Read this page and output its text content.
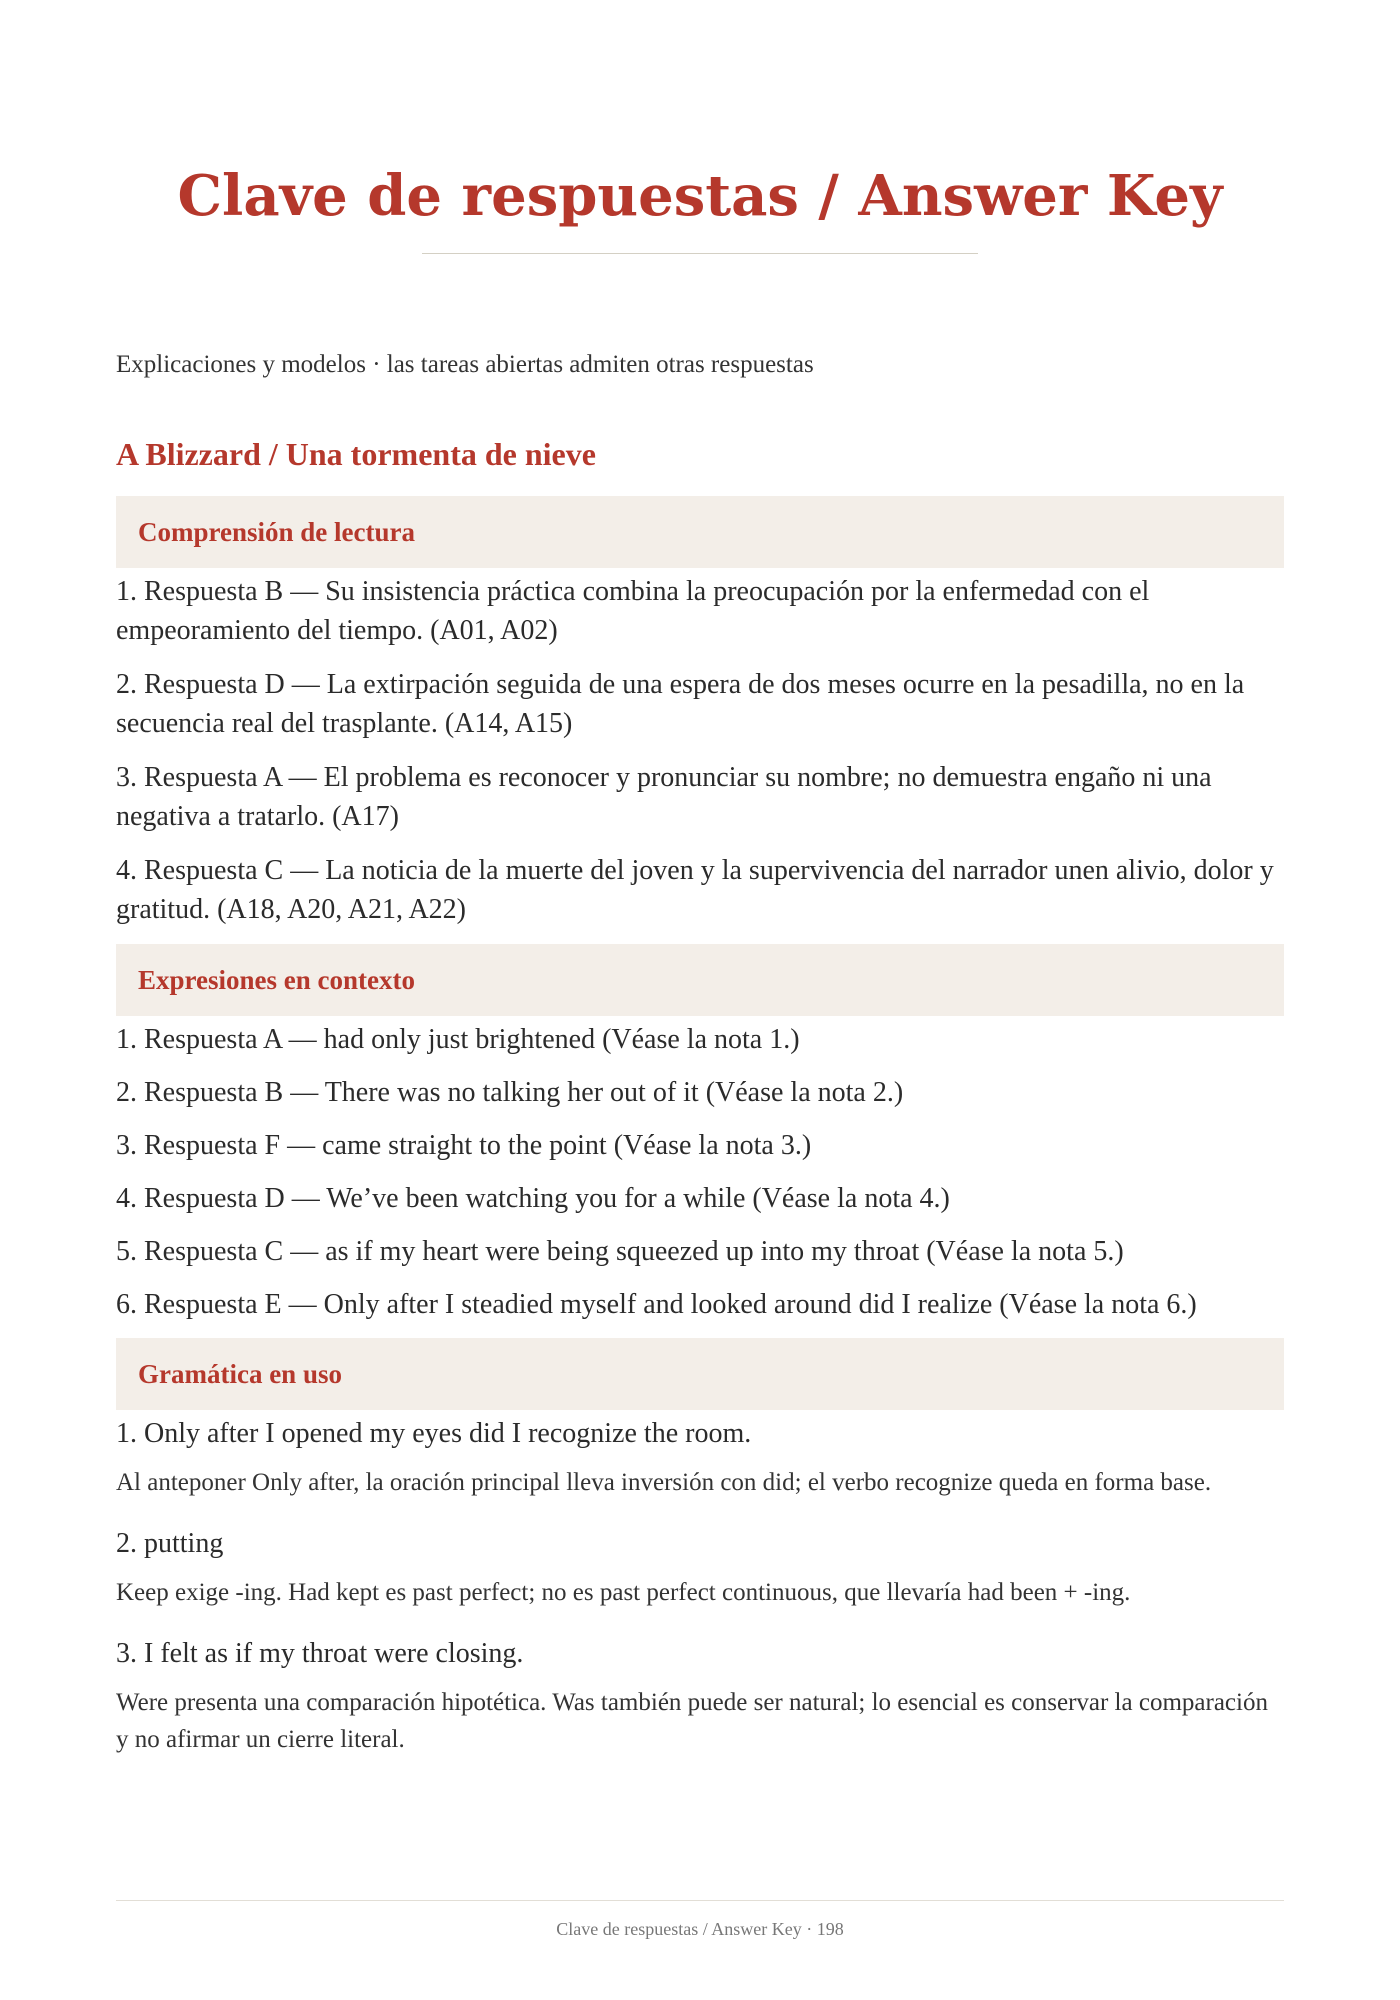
Clave de respuestas / Answer Key

Explicaciones y modelos · las tareas abiertas admiten otras respuestas

A Blizzard / Una tormenta de nieve
Comprensión de lectura

1. Respuesta B — Su insistencia práctica combina la preocupación por la enfermedad con el empeoramiento del tiempo. (A01, A02)

2. Respuesta D — La extirpación seguida de una espera de dos meses ocurre en la pesadilla, no en la secuencia real del trasplante. (A14, A15)

3. Respuesta A — El problema es reconocer y pronunciar su nombre; no demuestra engaño ni una negativa a tratarlo. (A17)

4. Respuesta C — La noticia de la muerte del joven y la supervivencia del narrador unen alivio, dolor y gratitud. (A18, A20, A21, A22)

Expresiones en contexto

1. Respuesta A — had only just brightened (Véase la nota 1.)

2. Respuesta B — There was no talking her out of it (Véase la nota 2.)

3. Respuesta F — came straight to the point (Véase la nota 3.)

4. Respuesta D — We’ve been watching you for a while (Véase la nota 4.)

5. Respuesta C — as if my heart were being squeezed up into my throat (Véase la nota 5.)

6. Respuesta E — Only after I steadied myself and looked around did I realize (Véase la nota 6.)

Gramática en uso

1. Only after I opened my eyes did I recognize the room.

Al anteponer Only after, la oración principal lleva inversión con did; el verbo recognize queda en forma base.

2. putting

Keep exige -ing. Had kept es past perfect; no es past perfect continuous, que llevaría had been + -ing.

3. I felt as if my throat were closing.

Were presenta una comparación hipotética. Was también puede ser natural; lo esencial es conservar la comparación y no afirmar un cierre literal.

Clave de respuestas / Answer Key · 198
